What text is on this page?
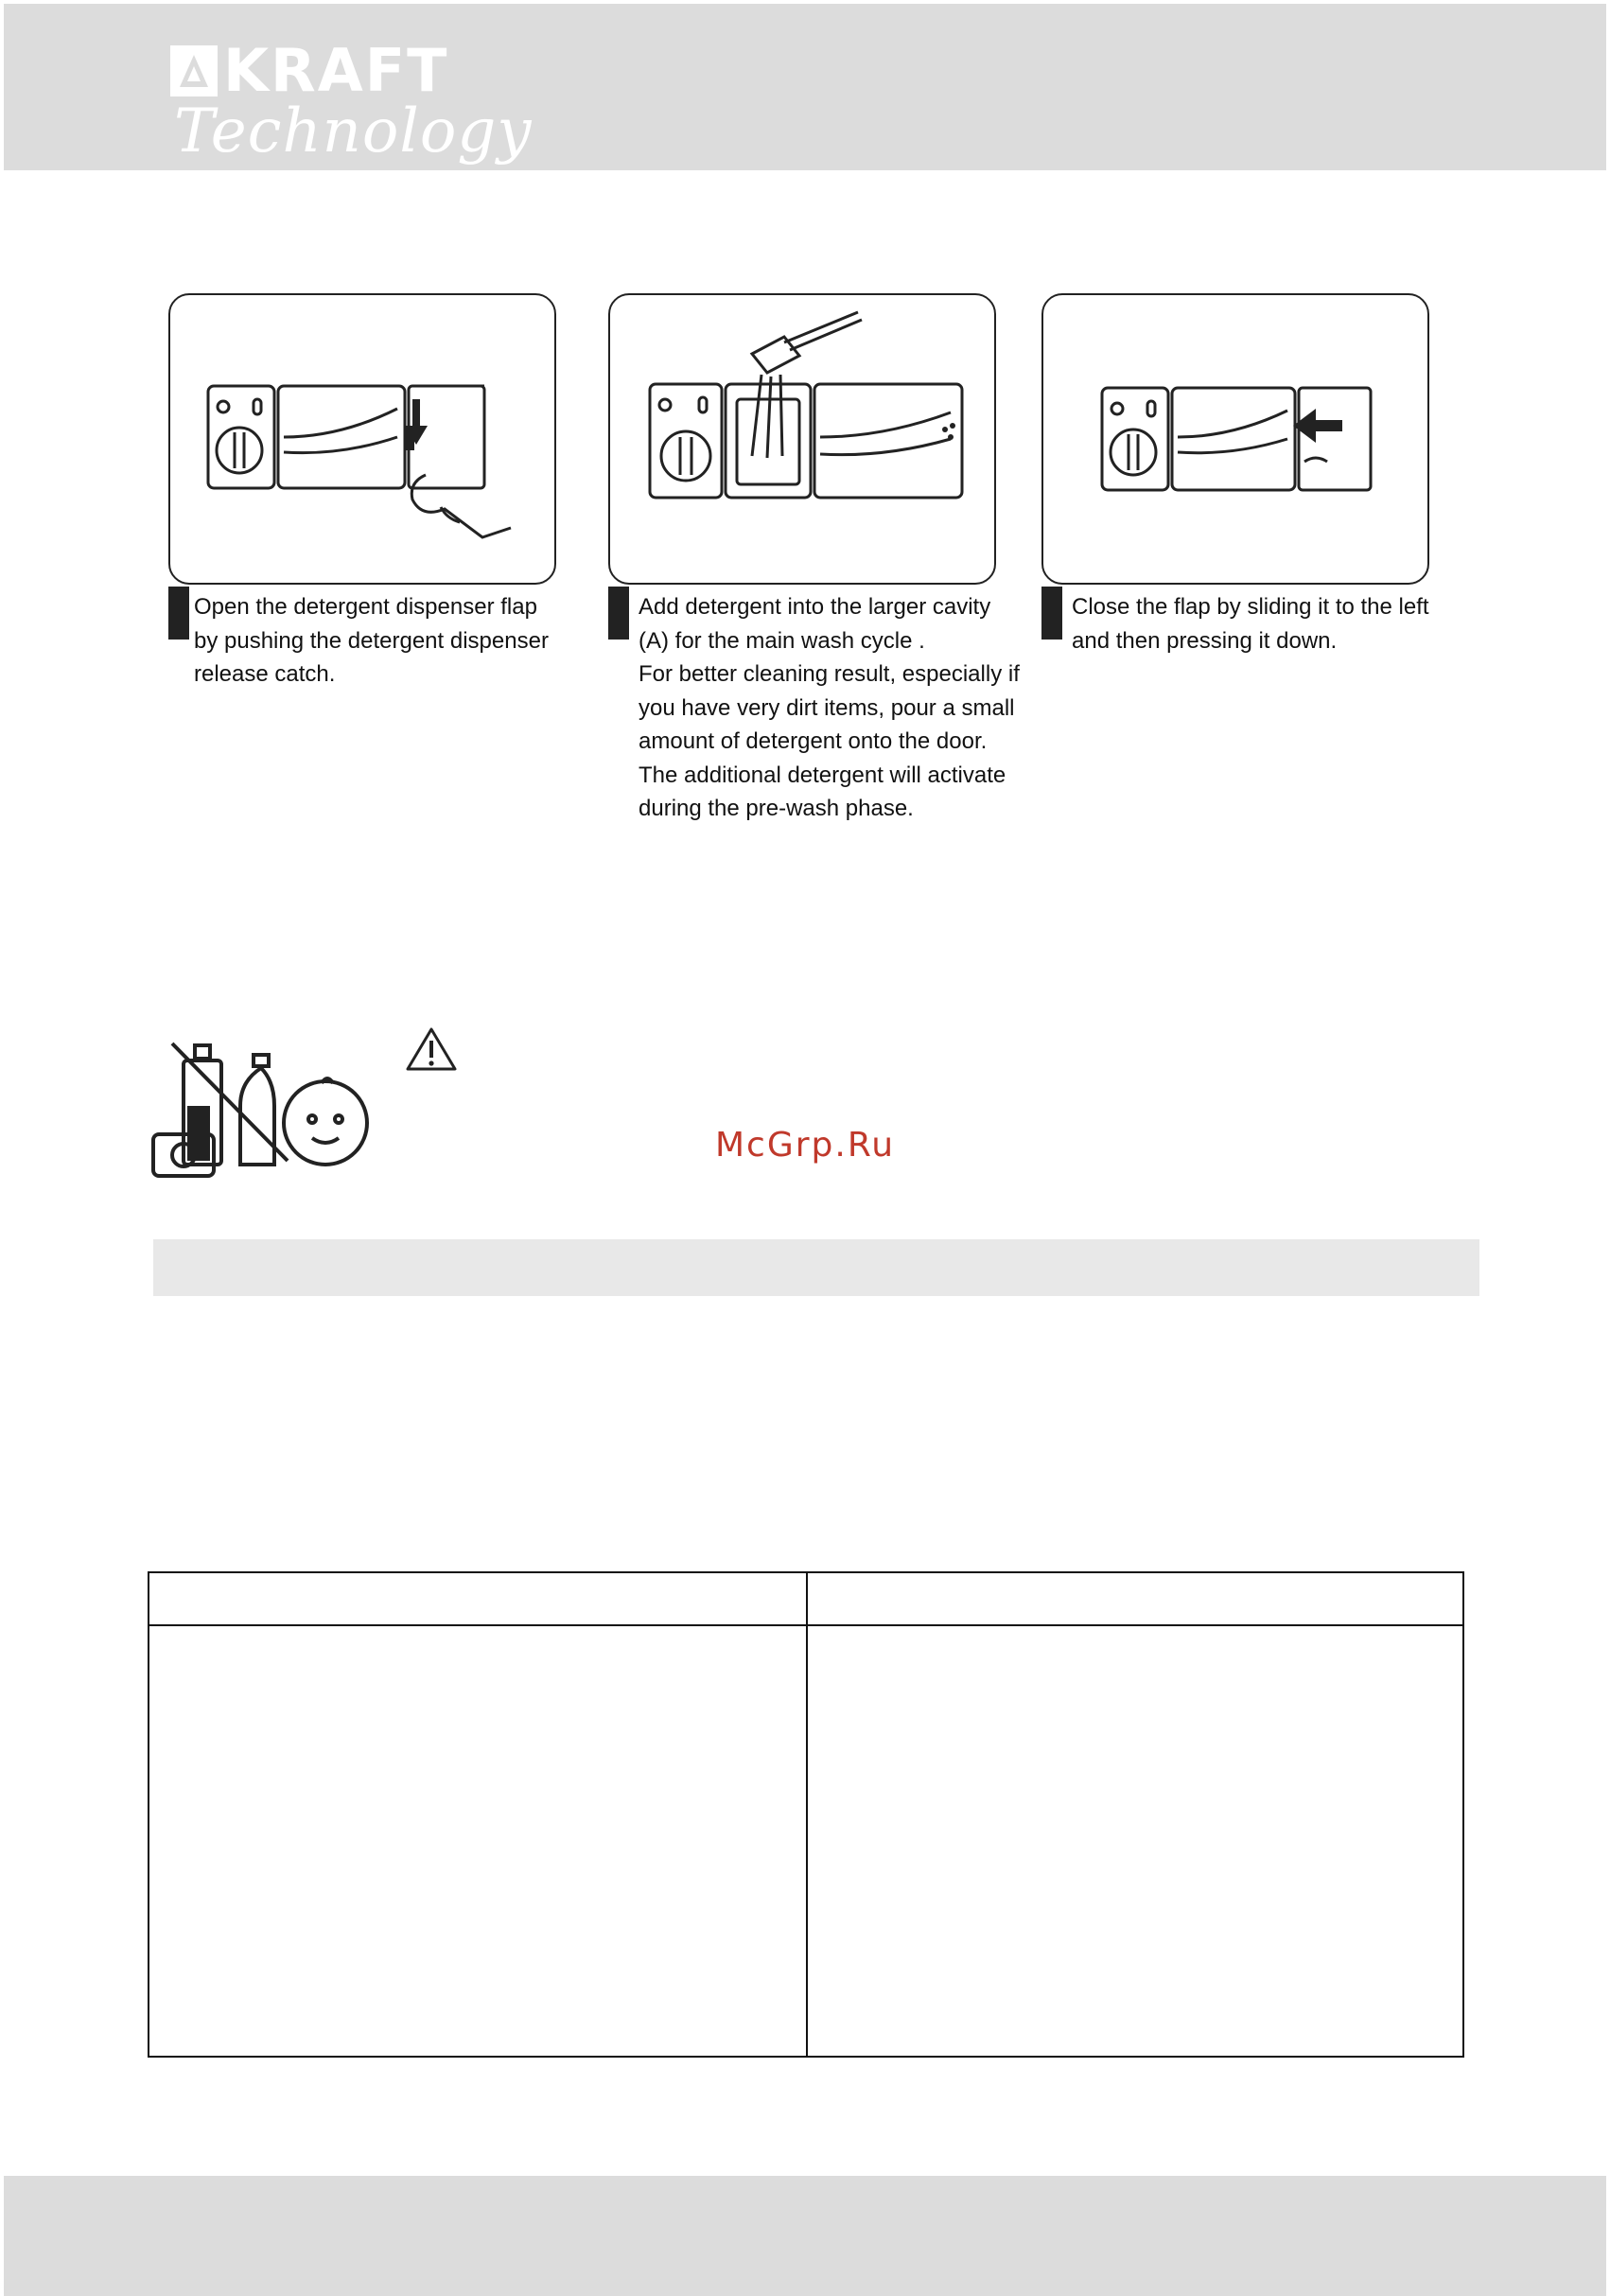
KRAFT
Technology

Open the detergent dispenser flap

by pushing the detergent dispenser

release catch.

Add detergent into the larger cavity

(A) for the main wash cycle .

For better cleaning result, especially if

you have very dirt items, pour a small

amount of detergent onto the door.

The additional detergent will activate

during the pre-wash phase.

Close the flap by sliding it to the left

and then pressing it down.

McGrp.Ru
